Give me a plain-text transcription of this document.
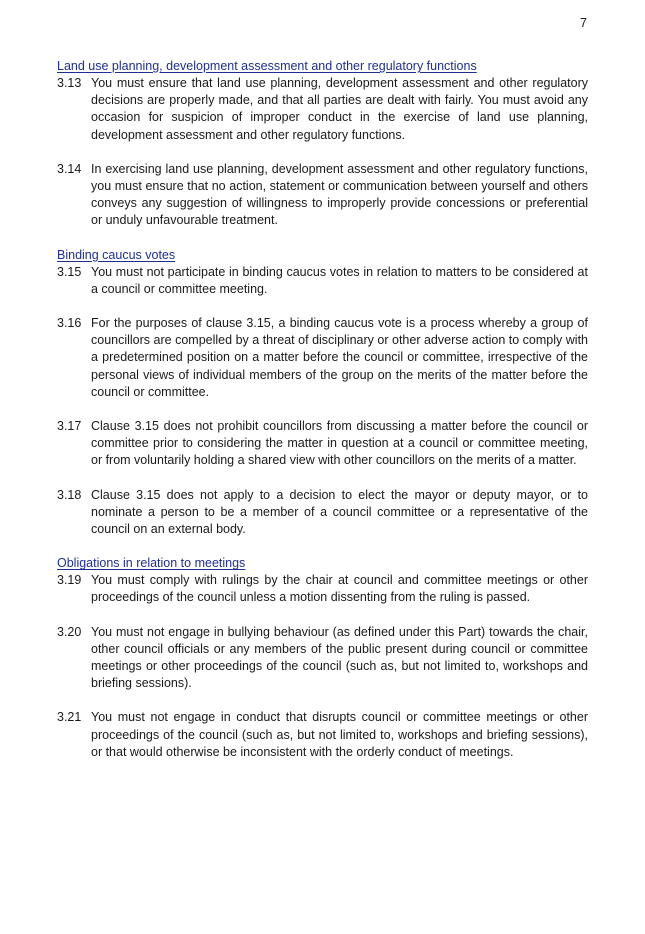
7

Land use planning, development assessment and other regulatory functions

3.13 You must ensure that land use planning, development assessment and other regulatory decisions are properly made, and that all parties are dealt with fairly. You must avoid any occasion for suspicion of improper conduct in the exercise of land use planning, development assessment and other regulatory functions.
3.14 In exercising land use planning, development assessment and other regulatory functions, you must ensure that no action, statement or communication between yourself and others conveys any suggestion of willingness to improperly provide concessions or preferential or unduly unfavourable treatment.

Binding caucus votes

3.15 You must not participate in binding caucus votes in relation to matters to be considered at a council or committee meeting.
3.16 For the purposes of clause 3.15, a binding caucus vote is a process whereby a group of councillors are compelled by a threat of disciplinary or other adverse action to comply with a predetermined position on a matter before the council or committee, irrespective of the personal views of individual members of the group on the merits of the matter before the council or committee.
3.17 Clause 3.15 does not prohibit councillors from discussing a matter before the council or committee prior to considering the matter in question at a council or committee meeting, or from voluntarily holding a shared view with other councillors on the merits of a matter.
3.18 Clause 3.15 does not apply to a decision to elect the mayor or deputy mayor, or to nominate a person to be a member of a council committee or a representative of the council on an external body.

Obligations in relation to meetings

3.19 You must comply with rulings by the chair at council and committee meetings or other proceedings of the council unless a motion dissenting from the ruling is passed.
3.20 You must not engage in bullying behaviour (as defined under this Part) towards the chair, other council officials or any members of the public present during council or committee meetings or other proceedings of the council (such as, but not limited to, workshops and briefing sessions).
3.21 You must not engage in conduct that disrupts council or committee meetings or other proceedings of the council (such as, but not limited to, workshops and briefing sessions), or that would otherwise be inconsistent with the orderly conduct of meetings.
